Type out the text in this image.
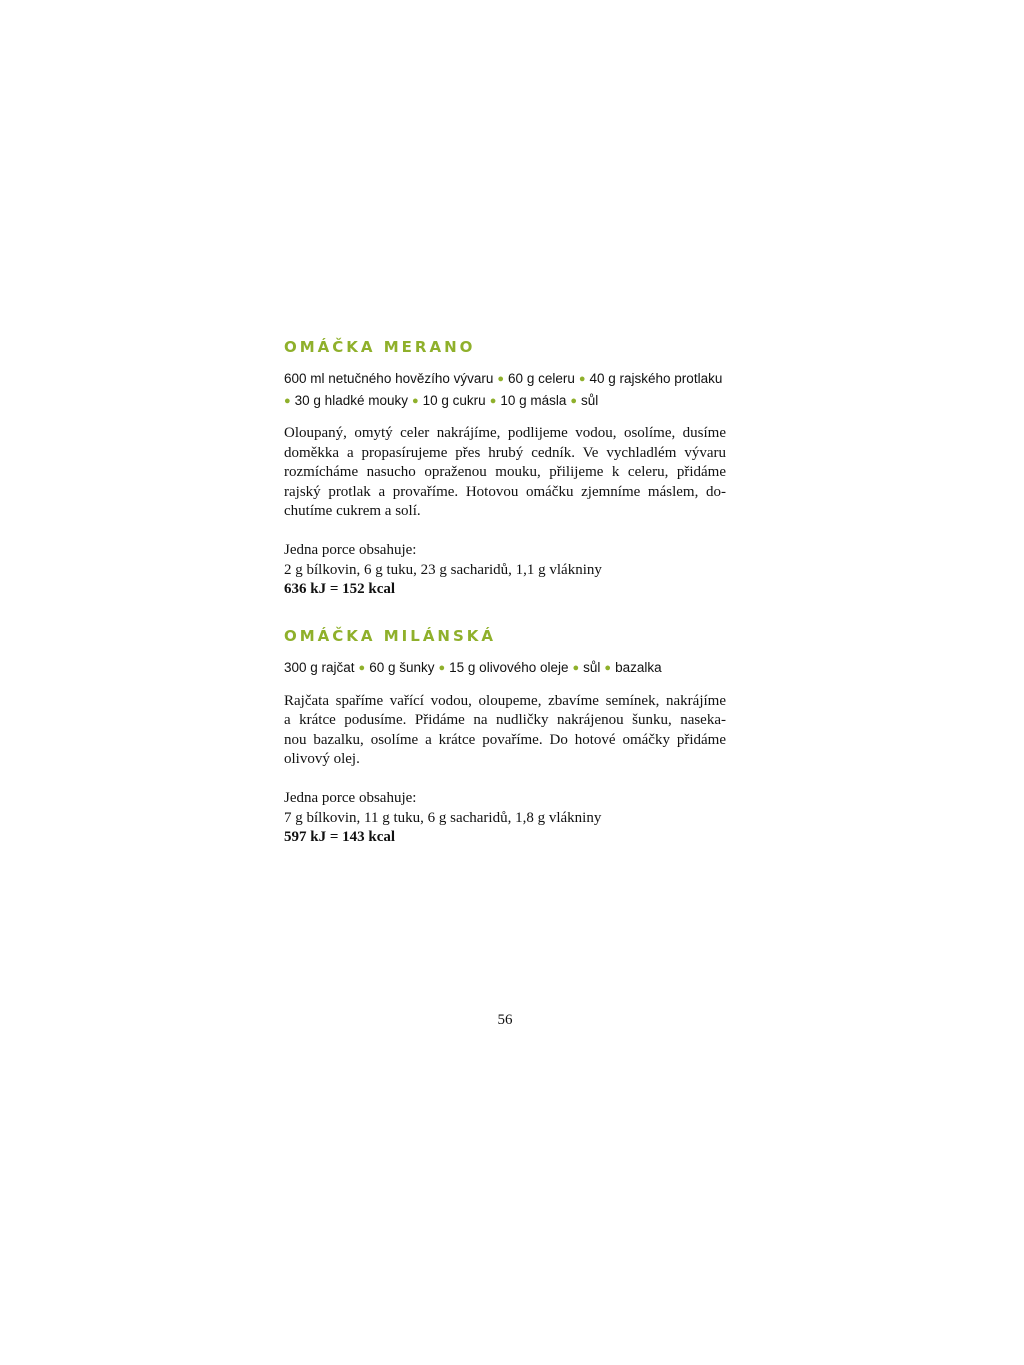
OMÁČKA MERANO
600 ml netučného hovězího vývaru ● 60 g celeru ● 40 g rajského protlaku
● 30 g hladké mouky ● 10 g cukru ● 10 g másla ● sůl

Oloupaný, omytý celer nakrájíme, podlijeme vodou, osolíme, dusíme
doměkka a propasírujeme přes hrubý cedník. Ve vychladlém vývaru
rozmícháme nasucho opraženou mouku, přilijeme k celeru, přidáme
rajský protlak a provaříme. Hotovou omáčku zjemníme máslem, do-
chutíme cukrem a solí.

Jedna porce obsahuje:
2 g bílkovin, 6 g tuku, 23 g sacharidů, 1,1 g vlákniny
636 kJ = 152 kcal
OMÁČKA MILÁNSKÁ
300 g rajčat ● 60 g šunky ● 15 g olivového oleje ● sůl ● bazalka

Rajčata spaříme vařící vodou, oloupeme, zbavíme semínek, nakrájíme
a krátce podusíme. Přidáme na nudličky nakrájenou šunku, naseka-
nou bazalku, osolíme a krátce povaříme. Do hotové omáčky přidáme
olivový olej.

Jedna porce obsahuje:
7 g bílkovin, 11 g tuku, 6 g sacharidů, 1,8 g vlákniny
597 kJ = 143 kcal
56
